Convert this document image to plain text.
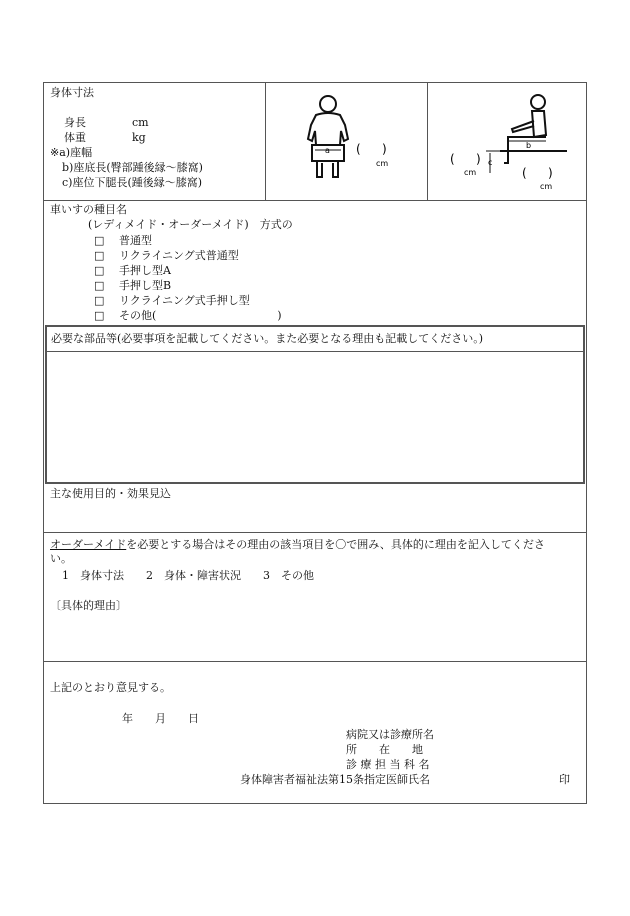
身体寸法
身長	cm
体重	kg
※a)座幅
b)座底長(臀部踵後縁〜膝窩)
c)座位下腿長(踵後縁〜膝窩)
a ( )
cm
b
c
( )
cm	( )
cm
車いすの種目名
(レディメイド・オーダーメイド)　方式の
□　 普通型
□　 リクライニング式普通型
□　 手押し型A
□　 手押し型B
□　 リクライニング式手押し型
□　 その他(　　　　　　　　　　　)
必要な部品等(必要事項を記載してください。また必要となる理由も記載してください。)
主な使用目的・効果見込
オーダーメイドを必要とする場合はその理由の該当項目を〇で囲み、具体的に理由を記入してくださ
い。
1　身体寸法　　2　身体・障害状況　　3　その他
〔具体的理由〕
上記のとおり意見する。
年　　月　　日
病院又は診療所名
所　　在　　地
診 療 担 当 科 名
身体障害者福祉法第15条指定医師氏名	印
